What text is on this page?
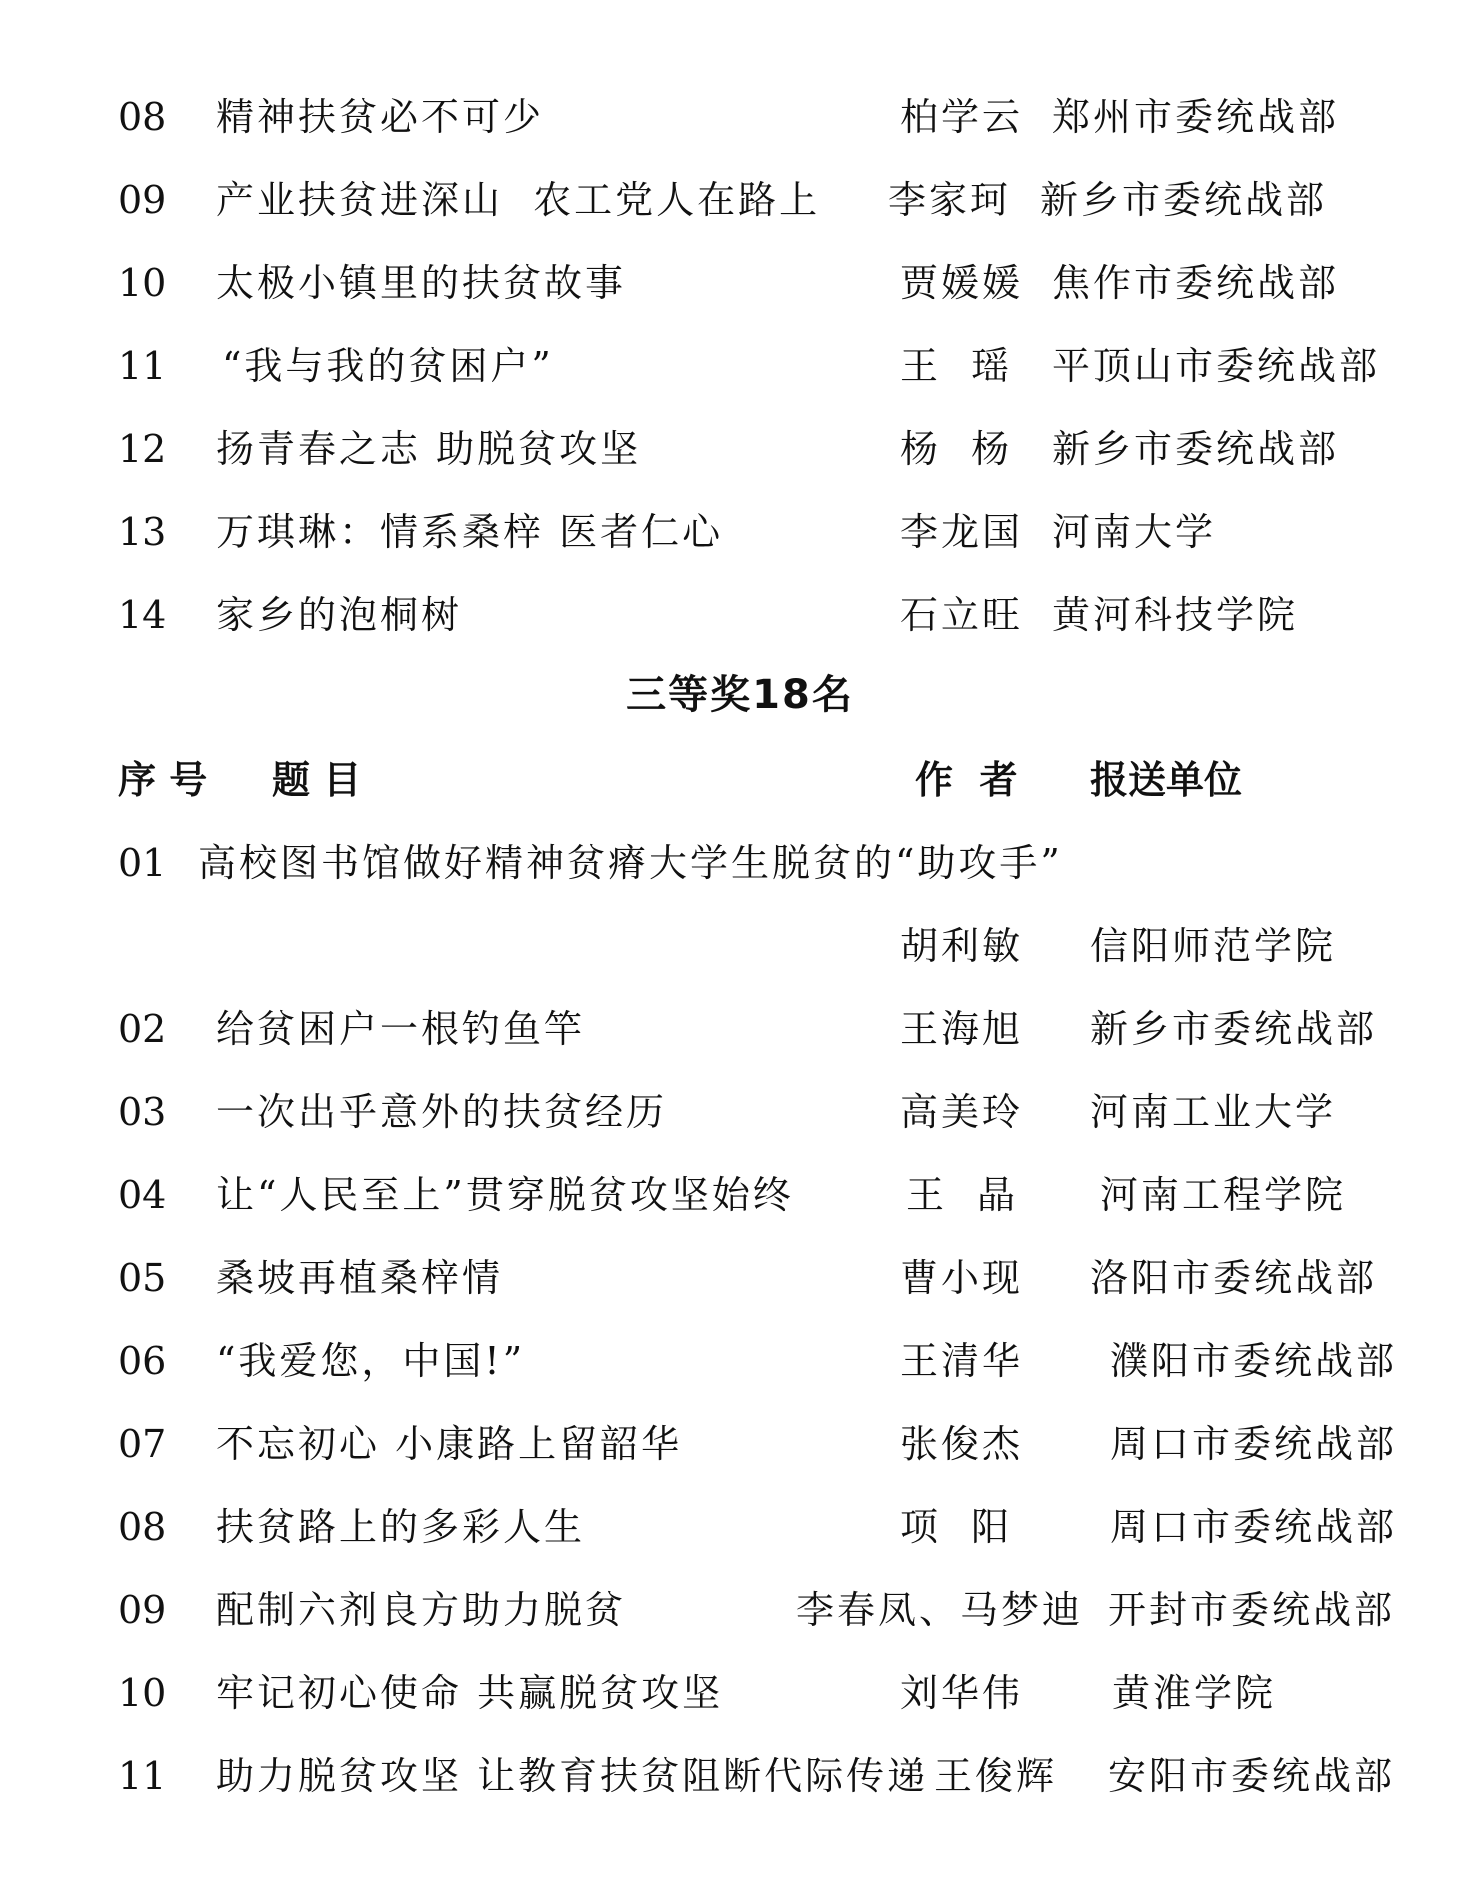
08 精神扶贫必不可少	柏学云 郑州市委统战部
09 产业扶贫进深山  农工党人在路上 李家珂 新乡市委统战部
10 太极小镇里的扶贫故事	贾媛媛 焦作市委统战部
11 “我与我的贫困户”	王  瑶 平顶山市委统战部
12 扬青春之志 助脱贫攻坚	杨  杨 新乡市委统战部
13 万琪琳：情系桑梓 医者仁心	李龙国 河南大学
14 家乡的泡桐树	石立旺 黄河科技学院
三等奖18名
序 号 题 目	作  者 报送单位
01 高校图书馆做好精神贫瘠大学生脱贫的“助攻手”
胡利敏 信阳师范学院
02 给贫困户一根钓鱼竿	王海旭 新乡市委统战部
03 一次出乎意外的扶贫经历	高美玲 河南工业大学
04 让“人民至上”贯穿脱贫攻坚始终	王  晶 河南工程学院
05 桑坡再植桑梓情	曹小现 洛阳市委统战部
06 “我爱您，中国!”	王清华 濮阳市委统战部
07 不忘初心 小康路上留韶华	张俊杰 周口市委统战部
08 扶贫路上的多彩人生	项  阳	周口市委统战部
09 配制六剂良方助力脱贫	李春凤、马梦迪 开封市委统战部
10 牢记初心使命 共赢脱贫攻坚	刘华伟 黄淮学院
11 助力脱贫攻坚 让教育扶贫阻断代际传递 王俊辉 安阳市委统战部
